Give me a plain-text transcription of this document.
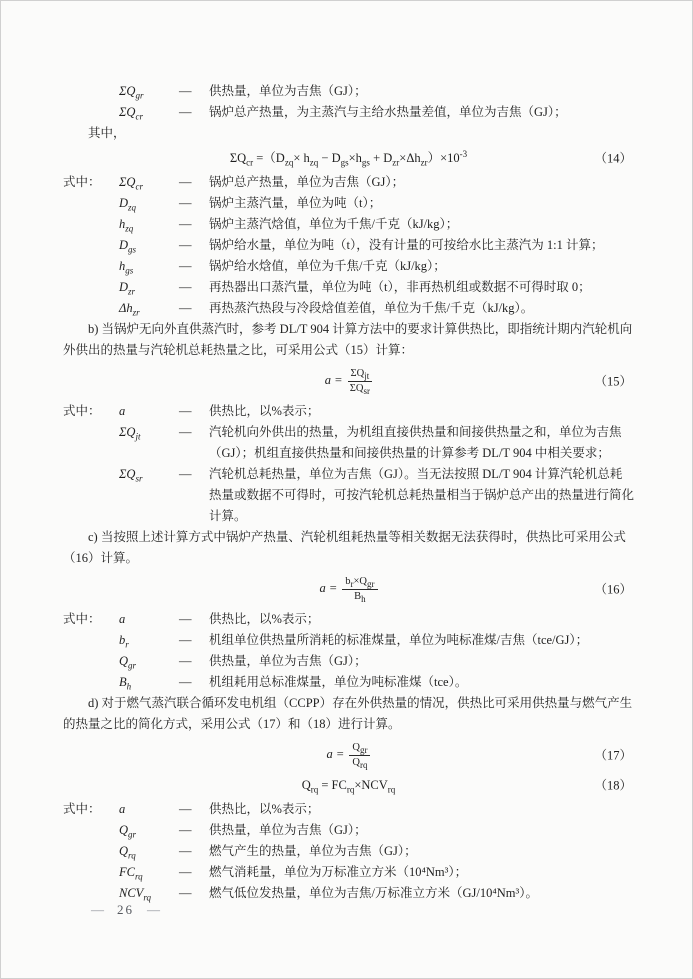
$\Sigma Q_{gr}$	—	供热量，单位为吉焦（GJ）；
$\Sigma Q_{cr}$	—	锅炉总产热量，为主蒸汽与主给水热量差值，单位为吉焦（GJ）；

其中，

$\Sigma Q_{cr} =(D_{zq}\times h_{zq} - D_{gs}\times h_{gs} + D_{zr}\times\Delta h_{zr})\times 10^{-3}$	（14）
式中：	$\Sigma Q_{cr}$	—	锅炉总产热量，单位为吉焦（GJ）；
$D_{zq}$	—	锅炉主蒸汽量，单位为吨（t）；
$h_{zq}$	—	锅炉主蒸汽焓值，单位为千焦/千克（kJ/kg）；
$D_{gs}$	—	锅炉给水量，单位为吨（t），没有计量的可按给水比主蒸汽为 1:1 计算；
$h_{gs}$	—	锅炉给水焓值，单位为千焦/千克（kJ/kg）；
$D_{zr}$	—	再热器出口蒸汽量，单位为吨（t），非再热机组或数据不可得时取 0；
$\Delta h_{zr}$	—	再热蒸汽热段与冷段焓值差值，单位为千焦/千克（kJ/kg）。

b) 当锅炉无向外直供蒸汽时，参考 DL/T 904 计算方法中的要求计算供热比，即指统计期内汽轮机向外供出的热量与汽轮机总耗热量之比，可采用公式（15）计算：

$a = \frac{\Sigma Q_{jt}}{\Sigma Q_{sr}}$	（15）
式中：	a	—	供热比，以%表示；
$\Sigma Q_{jt}$	—	汽轮机向外供出的热量，为机组直接供热量和间接供热量之和，单位为吉焦（GJ）；机组直接供热量和间接供热量的计算参考 DL/T 904 中相关要求；
$\Sigma Q_{sr}$	—	汽轮机总耗热量，单位为吉焦（GJ）。当无法按照 DL/T 904 计算汽轮机总耗热量或数据不可得时，可按汽轮机总耗热量相当于锅炉总产出的热量进行简化计算。

c) 当按照上述计算方式中锅炉产热量、汽轮机组耗热量等相关数据无法获得时，供热比可采用公式（16）计算。

$a = \frac{b_r\times Q_{gr}}{B_h}$	（16）
式中：	a	—	供热比，以%表示；
$b_r$	—	机组单位供热量所消耗的标准煤量，单位为吨标准煤/吉焦（tce/GJ）；
$Q_{gr}$	—	供热量，单位为吉焦（GJ）；
$B_h$	—	机组耗用总标准煤量，单位为吨标准煤（tce）。

d) 对于燃气蒸汽联合循环发电机组（CCPP）存在外供热量的情况，供热比可采用供热量与燃气产生的热量之比的简化方式，采用公式（17）和（18）进行计算。

$a = \frac{Q_{gr}}{Q_{rq}}$	（17）
$Q_{rq} = FC_{rq}\times NCV_{rq}$	（18）
式中：	a	—	供热比，以%表示；
$Q_{gr}$	—	供热量，单位为吉焦（GJ）；
$Q_{rq}$	—	燃气产生的热量，单位为吉焦（GJ）；
$FC_{rq}$	—	燃气消耗量，单位为万标准立方米（10⁴Nm³）；
$NCV_{rq}$	—	燃气低位发热量，单位为吉焦/万标准立方米（GJ/10⁴Nm³）。
— 26 —
